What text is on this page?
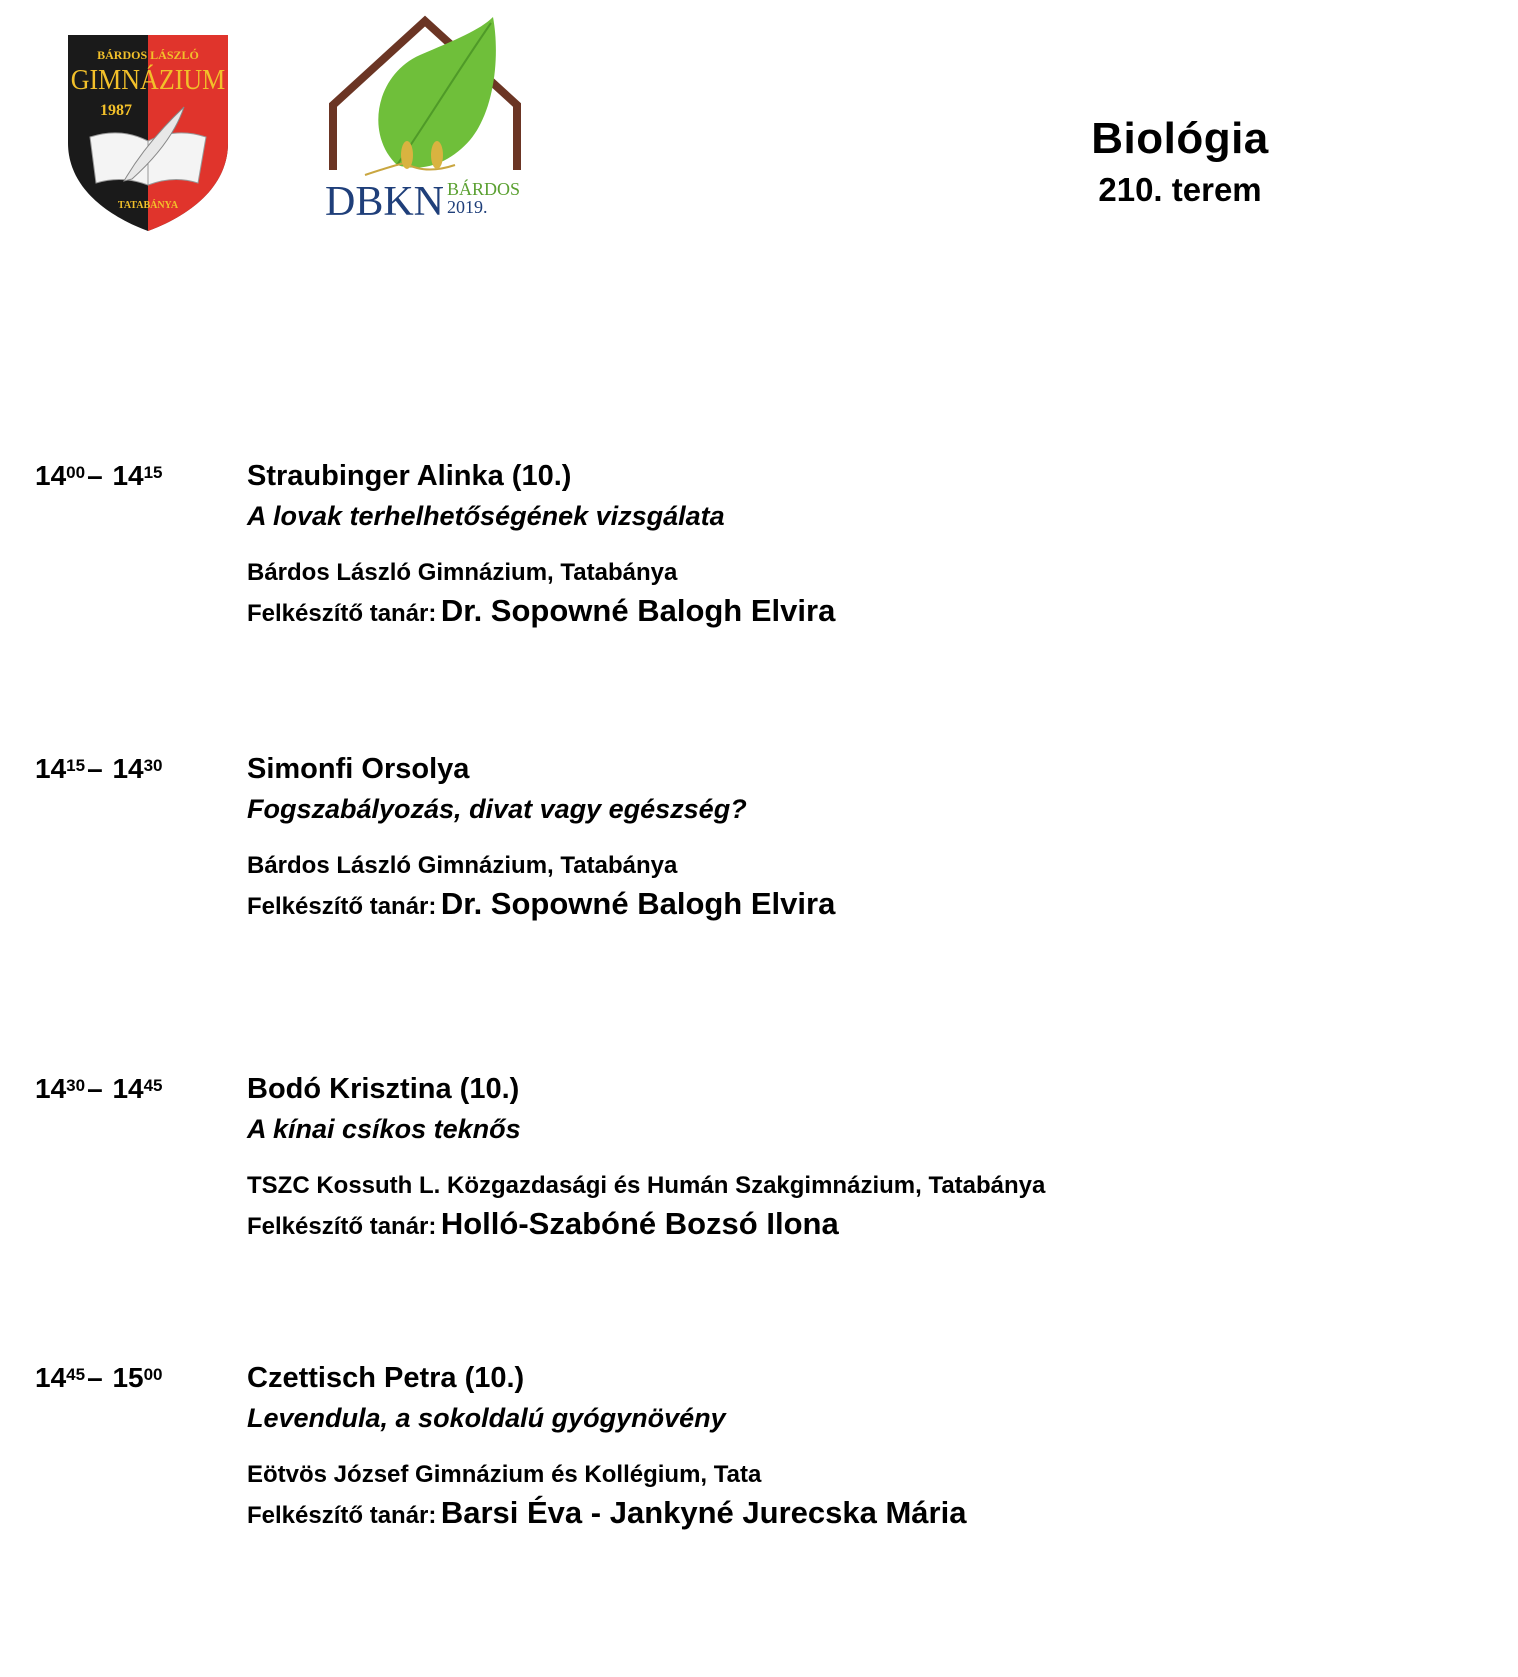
BÁRDOS LÁSZLÓ
GIMNÁZIUM
1987
TATABÁNYA	DBKN BÁRDOS
2019.
Biológia
210. terem
$14^{00}-$ $14^{15}$	Straubinger Alinka (10.)
A lovak terhelhetőségének vizsgálata
Bárdos László Gimnázium, Tatabánya
Felkészítő tanár: Dr. Sopowné Balogh Elvira
$14^{15}-$ $14^{30}$	Simonfi Orsolya
Fogszabályozás, divat vagy egészség?
Bárdos László Gimnázium, Tatabánya
Felkészítő tanár: Dr. Sopowné Balogh Elvira
$14^{30}-$ $14^{45}$	Bodó Krisztina (10.)
A kínai csíkos teknős
TSZC Kossuth L. Közgazdasági és Humán Szakgimnázium, Tatabánya
Felkészítő tanár: Holló-Szabóné Bozsó Ilona
$14^{45}-$ $15^{00}$	Czettisch Petra (10.)
Levendula, a sokoldalú gyógynövény
Eötvös József Gimnázium és Kollégium, Tata
Felkészítő tanár: Barsi Éva - Jankyné Jurecska Mária
